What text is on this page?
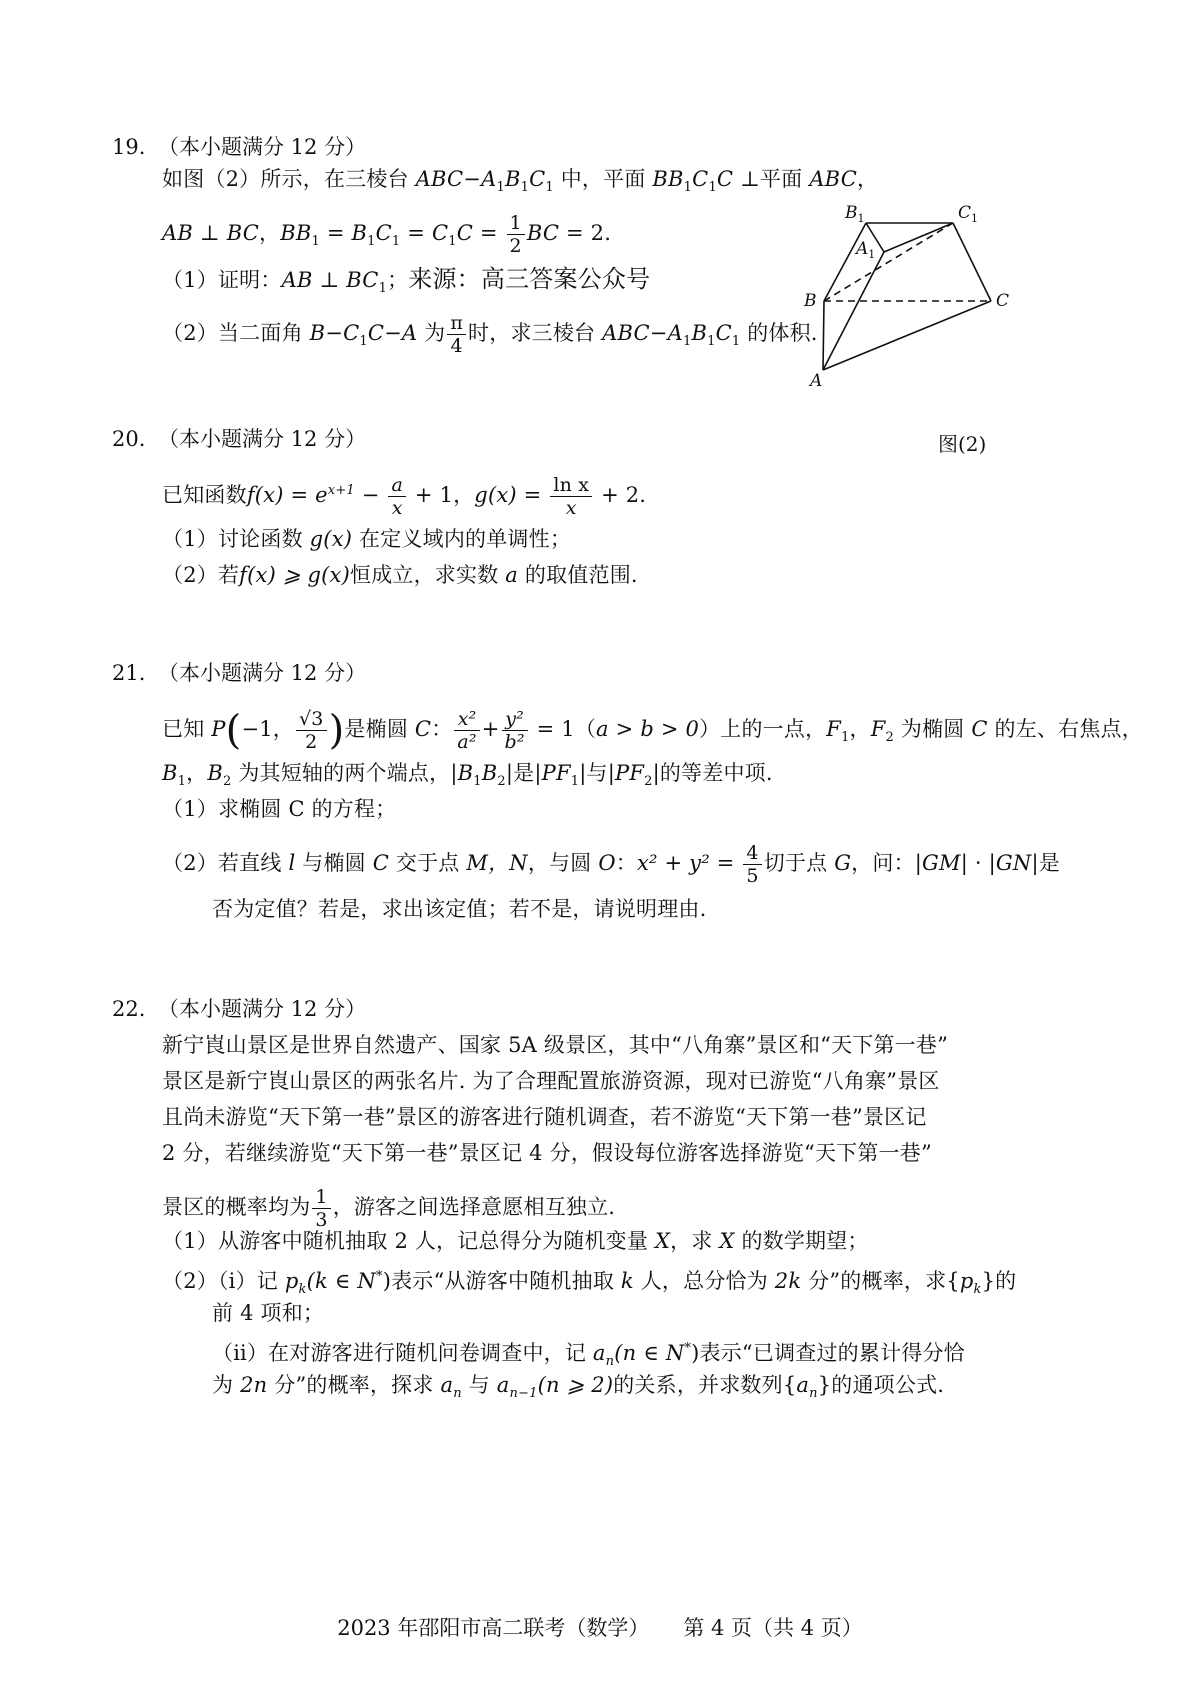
19. （本小题满分 12 分）
如图（2）所示，在三棱台 $ABC-A_1B_1C_1$ 中，平面 $BB_1C_1C$ ⊥平面 ABC，
AB ⊥ BC，$BB_1 = B_1C_1 = C_1C = \frac{1}{2}$ BC = 2.
（1）证明：AB ⊥ $BC_1$；来源：高三答案公众号
（2）当二面角 $B-C_1C-A$ 为 $\frac{\pi}{4}$ 时，求三棱台 $ABC-A_1B_1C_1$ 的体积.
$B_1$	$C_1$
$A_1$
B	C
A
图(2)
20. （本小题满分 12 分）
已知函数$f(x) = e^{x+1} - \frac{a}{x} + 1$，$g(x) = \frac{\text{ln x}}{x} + 2$.
（1）讨论函数 g(x) 在定义域内的单调性；
（2）若f(x) ⩾ g(x)恒成立，求实数 a 的取值范围.
21. （本小题满分 12 分）
已知 P(−1， $\frac{√3}{2}$ )是椭圆 C： $\frac{\text{x²}}{\text{a²}} + \frac{\text{y²}}{\text{b²}} = 1(a > b > 0)$上的一点，$F_1$，$F_2$ 为椭圆 C 的左、右焦点，
$B_1$，$B_2$ 为其短轴的两个端点，$|B_1B_2|$是$|PF_1|$与$|PF_2|$的等差中项.
（1）求椭圆 C 的方程；
（2）若直线 l 与椭圆 C 交于点 M，N，与圆 O：$x^2 + y^2 = \frac{4}{5}$ 切于点 G，问：|GM| · |GN|是
否为定值？若是，求出该定值；若不是，请说明理由.
22. （本小题满分 12 分）
新宁崀山景区是世界自然遗产、国家 5A 级景区，其中“八角寨”景区和“天下第一巷”
景区是新宁崀山景区的两张名片. 为了合理配置旅游资源，现对已游览“八角寨”景区
且尚未游览“天下第一巷”景区的游客进行随机调查，若不游览“天下第一巷”景区记
2 分，若继续游览“天下第一巷”景区记 4 分，假设每位游客选择游览“天下第一巷”
景区的概率均为 $\frac{1}{3}$ ，游客之间选择意愿相互独立.
（1）从游客中随机抽取 2 人，记总得分为随机变量 X，求 X 的数学期望；
（2）（ⅰ）记 $p_k(k$ ∈ N*)表示“从游客中随机抽取 k 人，总分恰为 2k 分”的概率，求$\{p_k\}$的
前 4 项和；
（ⅱ）在对游客进行随机问卷调查中，记 $a_n(n$ ∈ N*)表示“已调查过的累计得分恰
为 2n 分”的概率，探求 $a_n$ 与 $a_{n-1}(n$ ⩾ 2)的关系，并求数列$\{a_n\}$的通项公式.
2023 年邵阳市高二联考（数学） 第 4 页（共 4 页）
